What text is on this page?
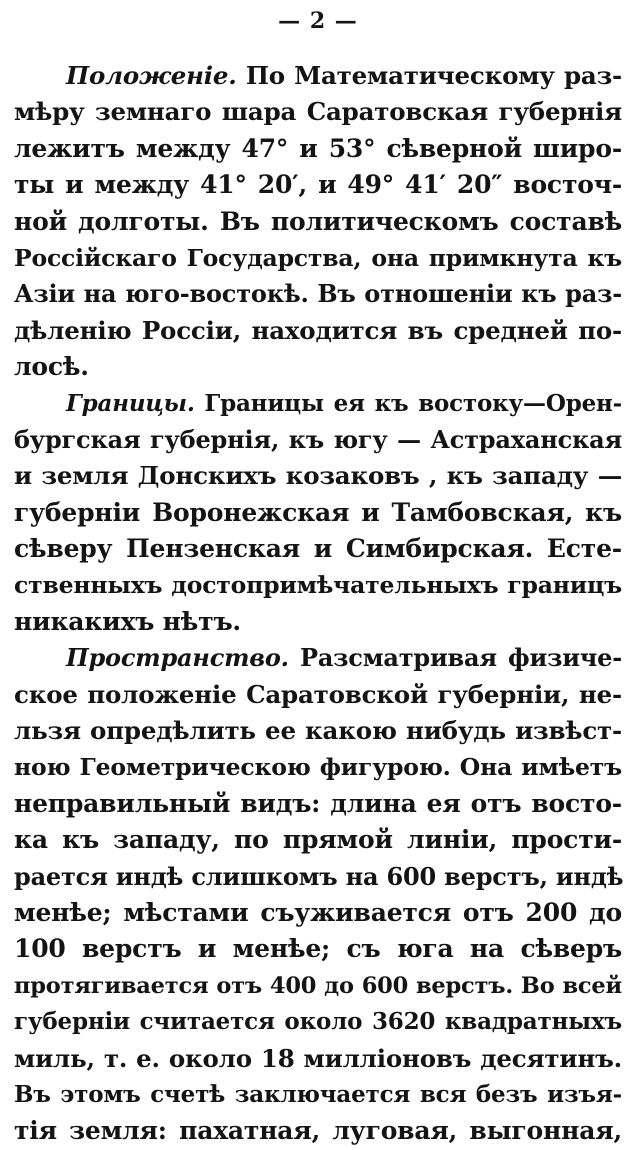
— 2 —
Положенiе. По Математическому раз-
мѣру земнаго шара Саратовская губернiя
лежитъ между 47° и 53° сѣверной широ-
ты и между 41° 20′, и 49° 41′ 20″ восточ-
ной долготы. Въ политическомъ составѣ
Россiйскаго Государства, она примкнута къ
Азiи на юго-востокѣ. Въ отношенiи къ раз-
дѣленiю Россiи, находится въ средней по-
лосѣ.
Границы. Границы ея къ востоку—Орен-
бургская губернiя, къ югу — Астраханская
и земля Донскихъ козаковъ , къ западу —
губернiи Воронежская и Тамбовская, къ
сѣверу Пензенская и Симбирская. Есте-
ственныхъ достопримѣчательныхъ границъ
никакихъ нѣтъ.
Пространство. Разсматривая физиче-
ское положенiе Саратовской губернiи, не-
льзя опредѣлить ее какою нибудь извѣст-
ною Геометрическою фигурою. Она имѣетъ
неправильный видъ: длина ея отъ восто-
ка къ западу, по прямой линiи, прости-
рается индѣ слишкомъ на 600 верстъ, индѣ
менѣе; мѣстами съуживается отъ 200 до
100 верстъ и менѣе; съ юга на сѣверъ
протягивается отъ 400 до 600 верстъ. Во всей
губернiи считается около 3620 квадратныхъ
миль, т. е. около 18 миллiоновъ десятинъ.
Въ этомъ счетѣ заключается вся безъ изъя-
тiя земля: пахатная, луговая, выгонная,
